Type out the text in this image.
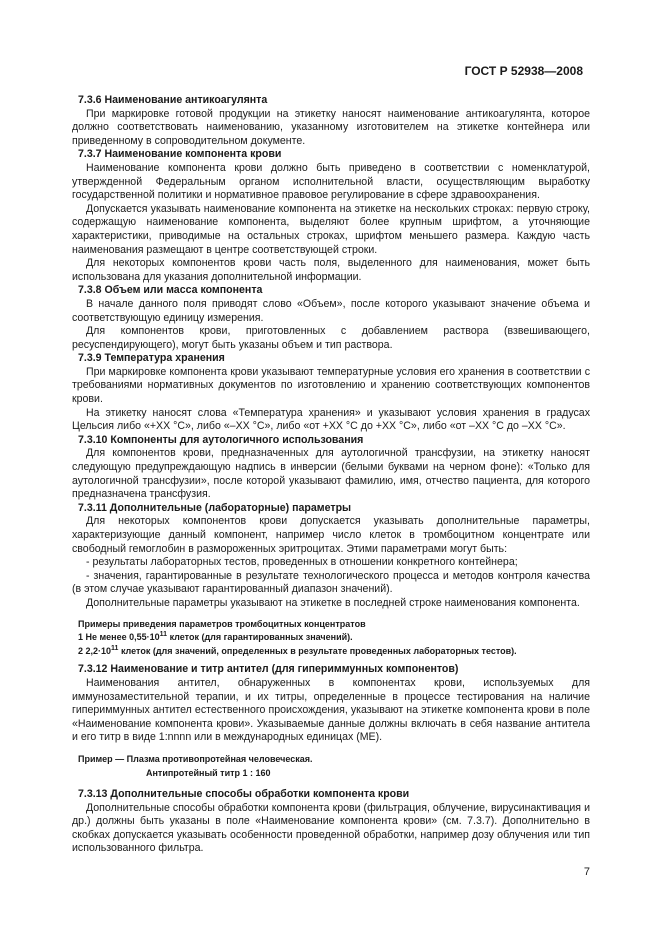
ГОСТ Р 52938—2008
7.3.6 Наименование антикоагулянта

При маркировке готовой продукции на этикетку наносят наименование антикоагулянта, которое должно соответствовать наименованию, указанному изготовителем на этикетке контейнера или приведенному в сопроводительном документе.

7.3.7 Наименование компонента крови

Наименование компонента крови должно быть приведено в соответствии с номенклатурой, утвержденной Федеральным органом исполнительной власти, осуществляющим выработку государственной политики и нормативное правовое регулирование в сфере здравоохранения.

Допускается указывать наименование компонента на этикетке на нескольких строках: первую строку, содержащую наименование компонента, выделяют более крупным шрифтом, а уточняющие характеристики, приводимые на остальных строках, шрифтом меньшего размера. Каждую часть наименования размещают в центре соответствующей строки.

Для некоторых компонентов крови часть поля, выделенного для наименования, может быть использована для указания дополнительной информации.

7.3.8 Объем или масса компонента

В начале данного поля приводят слово «Объем», после которого указывают значение объема и соответствующую единицу измерения.

Для компонентов крови, приготовленных с добавлением раствора (взвешивающего, ресуспендирующего), могут быть указаны объем и тип раствора.

7.3.9 Температура хранения

При маркировке компонента крови указывают температурные условия его хранения в соответствии с требованиями нормативных документов по изготовлению и хранению соответствующих компонентов крови.

На этикетку наносят слова «Температура хранения» и указывают условия хранения в градусах Цельсия либо «+XX °С», либо «–XX °С», либо «от +XX °С до +XX °С», либо «от –XX °С до –XX °С».

7.3.10 Компоненты для аутологичного использования

Для компонентов крови, предназначенных для аутологичной трансфузии, на этикетку наносят следующую предупреждающую надпись в инверсии (белыми буквами на черном фоне): «Только для аутологичной трансфузии», после которой указывают фамилию, имя, отчество пациента, для которого предназначена трансфузия.

7.3.11 Дополнительные (лабораторные) параметры

Для некоторых компонентов крови допускается указывать дополнительные параметры, характеризующие данный компонент, например число клеток в тромбоцитном концентрате или свободный гемоглобин в размороженных эритроцитах. Этими параметрами могут быть:

- результаты лабораторных тестов, проведенных в отношении конкретного контейнера;

- значения, гарантированные в результате технологического процесса и методов контроля качества (в этом случае указывают гарантированный диапазон значений).

Дополнительные параметры указывают на этикетке в последней строке наименования компонента.

Примеры приведения параметров тромбоцитных концентратов
1 Не менее $0,55\cdot 10^{11}$ клеток (для гарантированных значений).
2 $2,2\cdot 10^{11}$ клеток (для значений, определенных в результате проведенных лабораторных тестов).
7.3.12 Наименование и титр антител (для гипериммунных компонентов)

Наименования антител, обнаруженных в компонентах крови, используемых для иммунозаместительной терапии, и их титры, определенные в процессе тестирования на наличие гипериммунных антител естественного происхождения, указывают на этикетке компонента крови в поле «Наименование компонента крови». Указываемые данные должны включать в себя название антитела и его титр в виде 1:nnnn или в международных единицах (МЕ).

Пример — Плазма противопротейная человеческая.
Антипротейный титр 1 : 160
7.3.13 Дополнительные способы обработки компонента крови

Дополнительные способы обработки компонента крови (фильтрация, облучение, вирусинактивация и др.) должны быть указаны в поле «Наименование компонента крови» (см. 7.3.7). Дополнительно в скобках допускается указывать особенности проведенной обработки, например дозу облучения или тип использованного фильтра.

7
